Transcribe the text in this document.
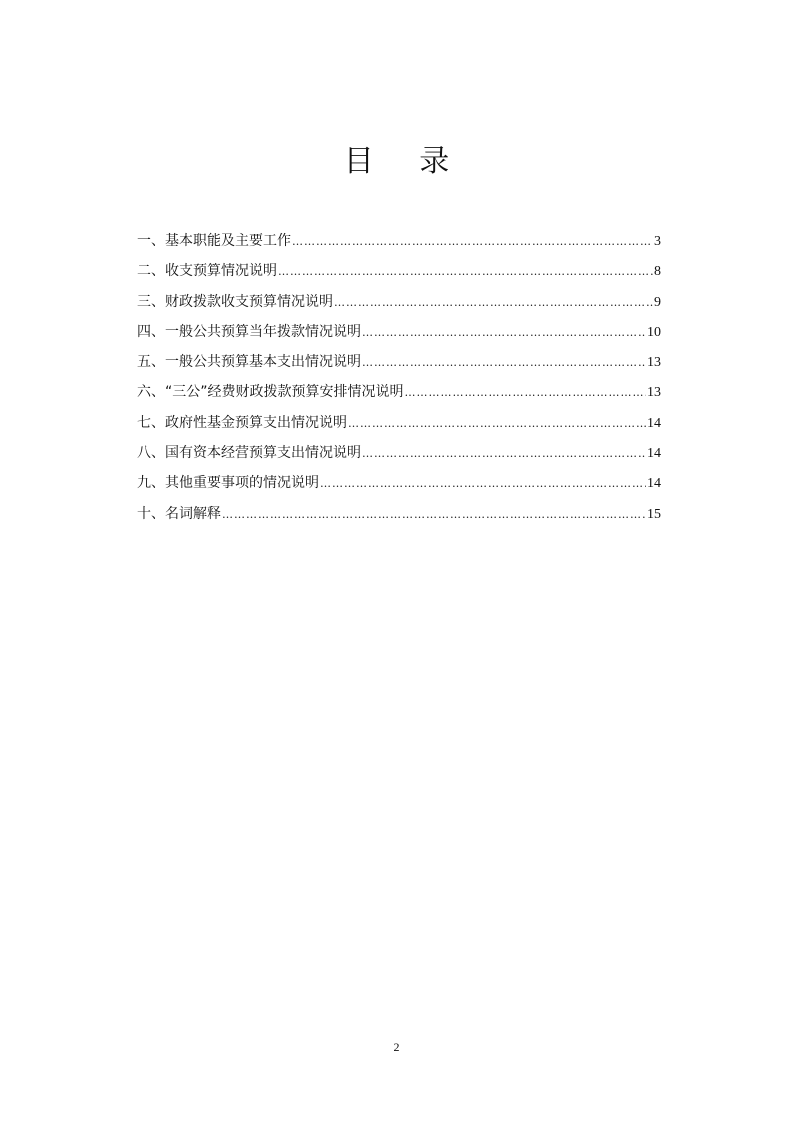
目 录
一、基本职能及主要工作 …………………………………………………………………………………………………………………………………………	3
二、收支预算情况说明 …………………………………………………………………………………………………………………………………………	8
三、财政拨款收支预算情况说明 …………………………………………………………………………………………………………………………………………	9
四、一般公共预算当年拨款情况说明 …………………………………………………………………………………………………………………………………………	10
五、一般公共预算基本支出情况说明 …………………………………………………………………………………………………………………………………………	13
六、“三公”经费财政拨款预算安排情况说明 …………………………………………………………………………………………………………………………………………	13
七、政府性基金预算支出情况说明 …………………………………………………………………………………………………………………………………………	14
八、国有资本经营预算支出情况说明 …………………………………………………………………………………………………………………………………………	14
九、其他重要事项的情况说明 …………………………………………………………………………………………………………………………………………	14
十、名词解释 …………………………………………………………………………………………………………………………………………	15
2
